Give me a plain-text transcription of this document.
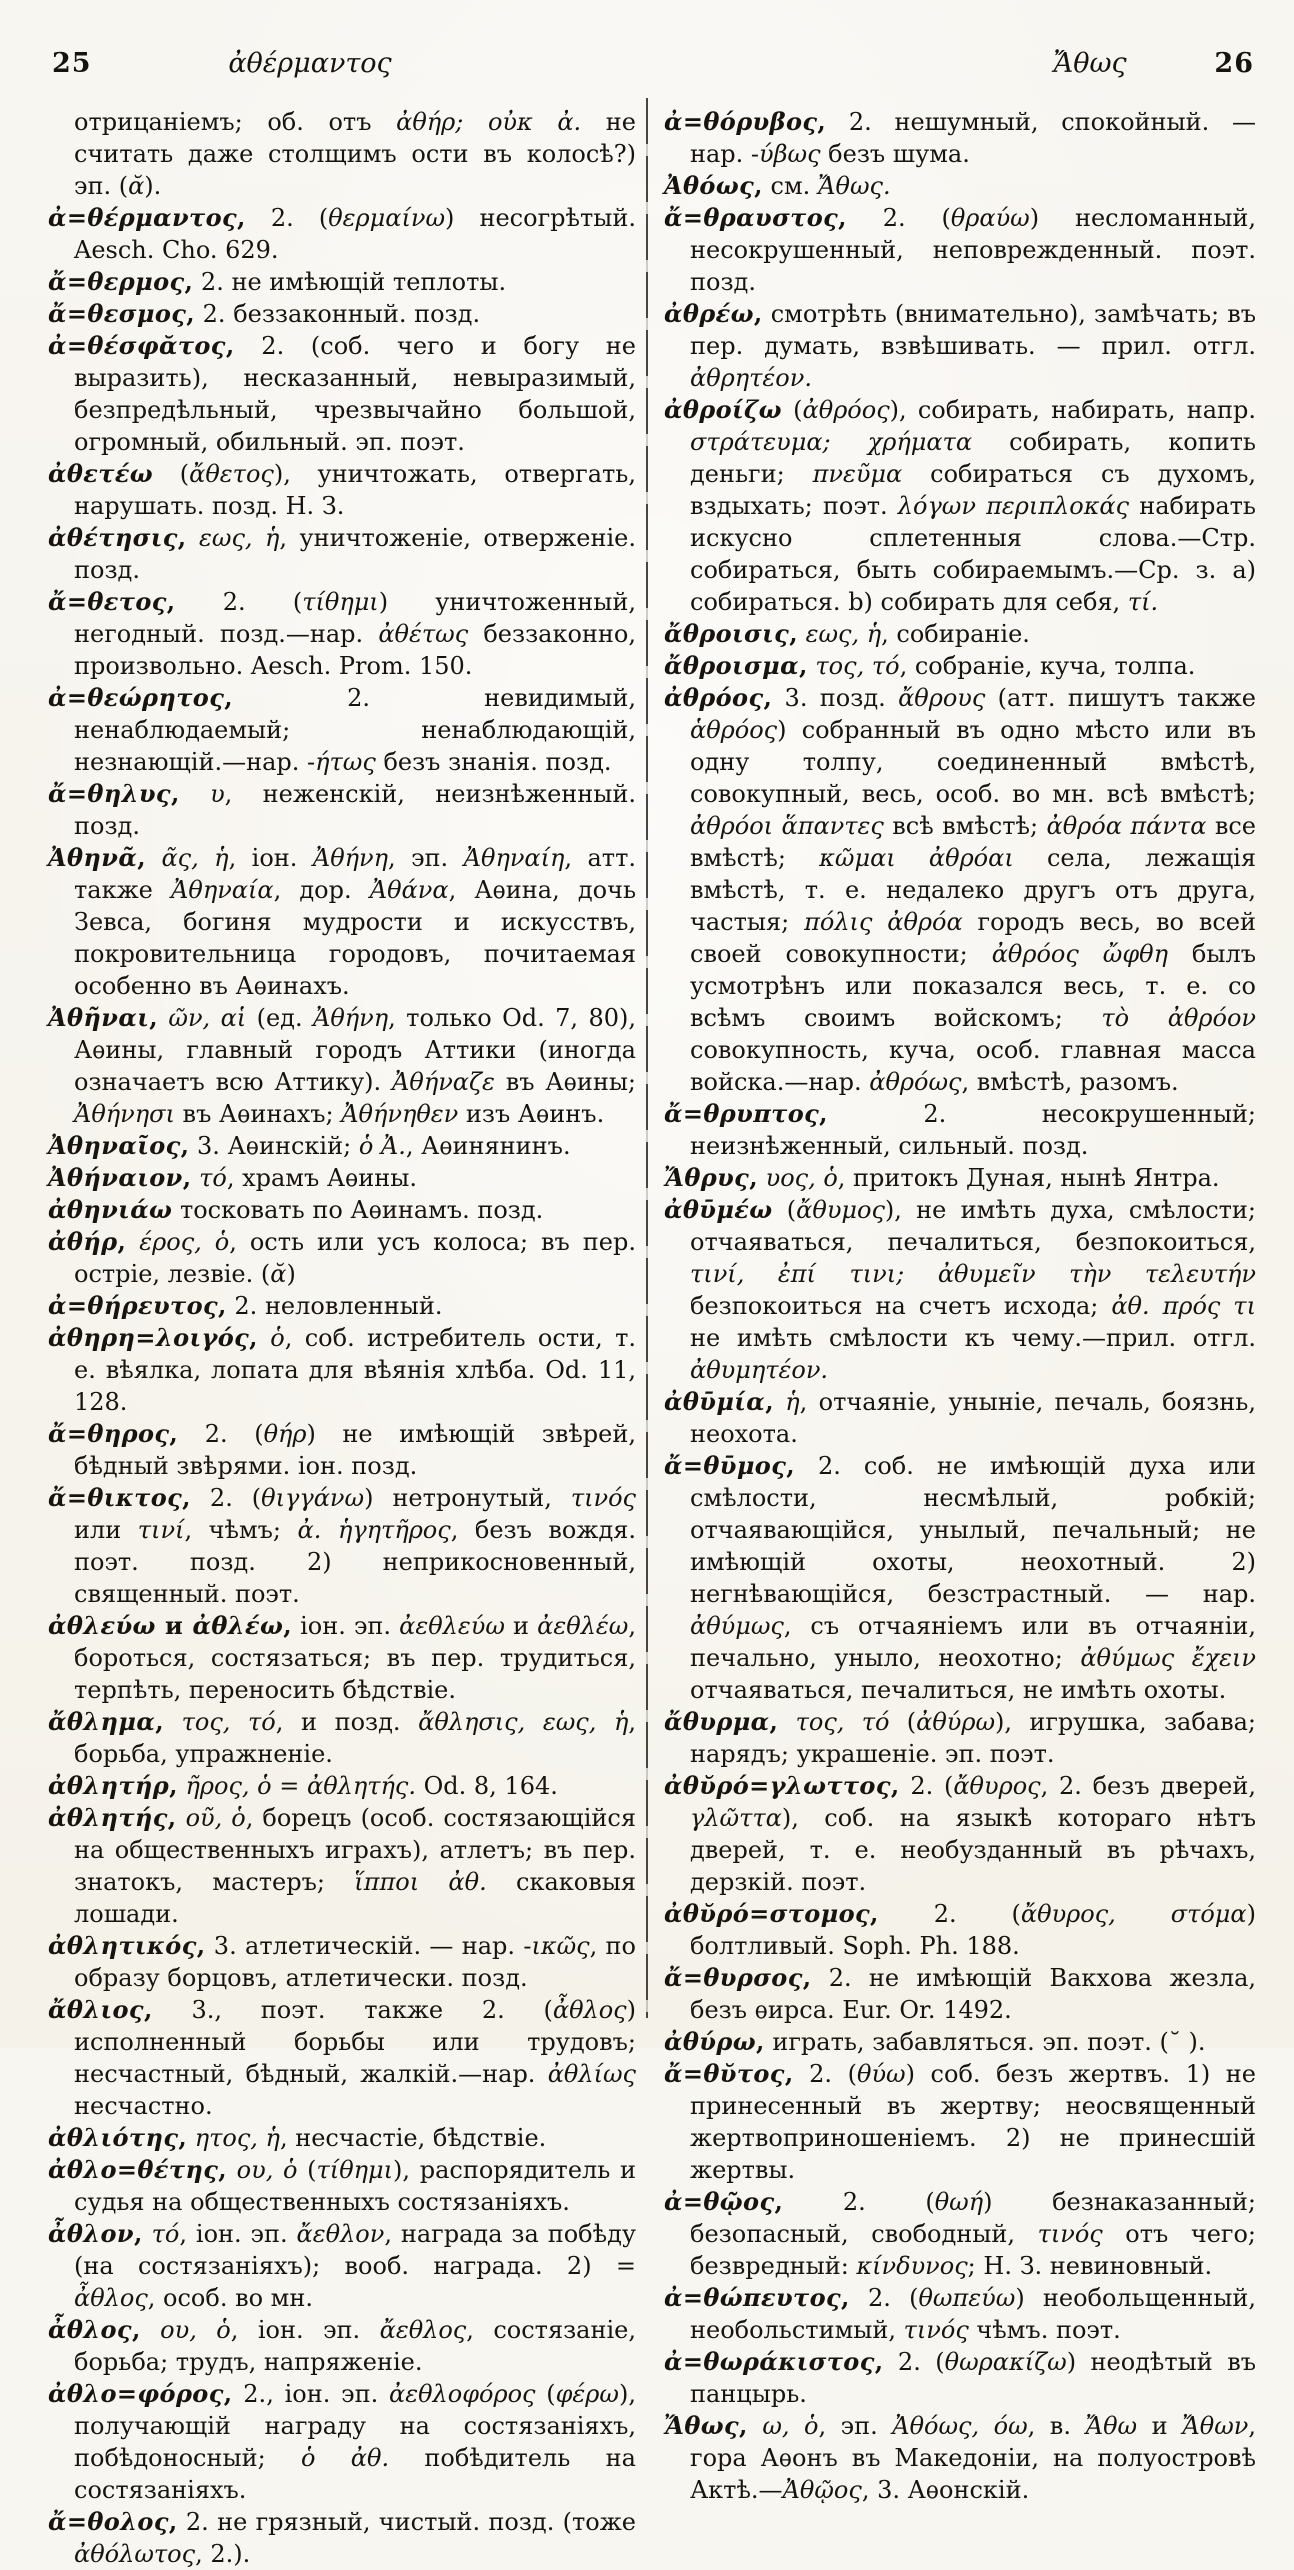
25	ἀθέρμαντος	Ἄθως	26

отрицаніемъ; об. отъ ἀθήρ; οὐκ ἀ. не считать даже столщимъ ости въ колосѣ?) эп. (ᾰ).

ἀ=θέρμαντος, 2. (θερμαίνω) несогрѣтый. Aesch. Cho. 629.

ἄ=θερμος, 2. не имѣющій теплоты.

ἄ=θεσμος, 2. беззаконный. позд.

ἀ=θέσφᾰτος, 2. (соб. чего и богу не выразить), несказанный, невыразимый, безпредѣльный, чрезвычайно большой, огромный, обильный. эп. поэт.

ἀθετέω (ἄθετος), уничтожать, отвергать, нарушать. позд. Н. З.

ἀθέτησις, εως, ἡ, уничтоженіе, отверженіе. позд.

ἄ=θετος, 2. (τίθημι) уничтоженный, негодный. позд.—нар. ἀθέτως беззаконно, произвольно. Aesch. Prom. 150.

ἀ=θεώρητος, 2. невидимый, ненаблюдаемый; ненаблюдающій, незнающій.—нар. -ήτως безъ знанія. позд.

ἄ=θηλυς, υ, неженскій, неизнѣженный. позд.

Ἀθηνᾶ, ᾶς, ἡ, іон. Ἀθήνη, эп. Ἀθηναίη, атт. также Ἀθηναία, дор. Ἀθάνα, Аѳина, дочь Зевса, богиня мудрости и искусствъ, покровительница городовъ, почитаемая особенно въ Аѳинахъ.

Ἀθῆναι, ῶν, αἱ (ед. Ἀθήνη, только Od. 7, 80), Аѳины, главный городъ Аттики (иногда означаетъ всю Аттику). Ἀθήναζε въ Аѳины; Ἀθήνησι въ Аѳинахъ; Ἀθήνηθεν изъ Аѳинъ.

Ἀθηναῖος, 3. Аѳинскій; ὁ Ἀ., Аѳинянинъ.

Ἀθήναιον, τό, храмъ Аѳины.

ἀθηνιάω тосковать по Аѳинамъ. позд.

ἀθήρ, έρος, ὁ, ость или усъ колоса; въ пер. остріе, лезвіе. (ᾰ)

ἀ=θήρευτος, 2. неловленный.

ἀθηρη=λοιγός, ὁ, соб. истребитель ости, т. е. вѣялка, лопата для вѣянія хлѣба. Od. 11, 128.

ἄ=θηρος, 2. (θήρ) не имѣющій звѣрей, бѣдный звѣрями. іон. позд.

ἄ=θικτος, 2. (θιγγάνω) нетронутый, τινός или τινί, чѣмъ; ἀ. ἡγητῆρος, безъ вождя. поэт. позд. 2) неприкосновенный, священный. поэт.

ἀθλεύω и ἀθλέω, іон. эп. ἀεθλεύω и ἀεθλέω, бороться, состязаться; въ пер. трудиться, терпѣть, переносить бѣдствіе.

ἄθλημα, τος, τό, и позд. ἄθλησις, εως, ἡ, борьба, упражненіе.

ἀθλητήρ, ῆρος, ὁ = ἀθλητής. Od. 8, 164.

ἀθλητής, οῦ, ὁ, борецъ (особ. состязающійся на общественныхъ играхъ), атлетъ; въ пер. знатокъ, мастеръ; ἵπποι ἀθ. скаковыя лошади.

ἀθλητικός, 3. атлетическій. — нар. -ικῶς, по образу борцовъ, атлетически. позд.

ἄθλιος, 3., поэт. также 2. (ἆθλος) исполненный борьбы или трудовъ; несчастный, бѣдный, жалкій.—нар. ἀθλίως несчастно.

ἀθλιότης, ητος, ἡ, несчастіе, бѣдствіе.

ἀθλο=θέτης, ου, ὁ (τίθημι), распорядитель и судья на общественныхъ состязаніяхъ.

ἆθλον, τό, іон. эп. ἄεθλον, награда за побѣду (на состязаніяхъ); вооб. награда. 2) = ἆθλος, особ. во мн.

ἆθλος, ου, ὁ, іон. эп. ἄεθλος, состязаніе, борьба; трудъ, напряженіе.

ἀθλο=φόρος, 2., іон. эп. ἀεθλοφόρος (φέρω), получающій награду на состязаніяхъ, побѣдоносный; ὁ ἀθ. побѣдитель на состязаніяхъ.

ἄ=θολος, 2. не грязный, чистый. позд. (тоже ἀθόλωτος, 2.).

ἀ=θόρυβος, 2. нешумный, спокойный. — нар. -ύβως безъ шума.

Ἀθόως, см. Ἄθως.

ἄ=θραυστος, 2. (θραύω) несломанный, несокрушенный, неповрежденный. поэт. позд.

ἀθρέω, смотрѣть (внимательно), замѣчать; въ пер. думать, взвѣшивать. — прил. отгл. ἀθρητέον.

ἀθροίζω (ἀθρόος), собирать, набирать, напр. στράτευμα; χρήματα собирать, копить деньги; πνεῦμα собираться съ духомъ, вздыхать; поэт. λόγων περιπλοκάς набирать искусно сплетенныя слова.—Стр. собираться, быть собираемымъ.—Ср. з. a) собираться. b) собирать для себя, τί.

ἄθροισις, εως, ἡ, собираніе.

ἄθροισμα, τος, τό, собраніе, куча, толпа.

ἀθρόος, 3. позд. ἄθρους (атт. пишутъ также ἁθρόος) собранный въ одно мѣсто или въ одну толпу, соединенный вмѣстѣ, совокупный, весь, особ. во мн. всѣ вмѣстѣ; ἀθρόοι ἅπαντες всѣ вмѣстѣ; ἀθρόα πάντα все вмѣстѣ; κῶμαι ἀθρόαι села, лежащія вмѣстѣ, т. е. недалеко другъ отъ друга, частыя; πόλις ἀθρόα городъ весь, во всей своей совокупности; ἀθρόος ὤφθη былъ усмотрѣнъ или показался весь, т. е. со всѣмъ своимъ войскомъ; τὸ ἀθρόον совокупность, куча, особ. главная масса войска.—нар. ἀθρόως, вмѣстѣ, разомъ.

ἄ=θρυπτος, 2. несокрушенный; неизнѣженный, сильный. позд.

Ἄθρυς, υος, ὁ, притокъ Дуная, нынѣ Янтра.

ἀθῡμέω (ἄθυμος), не имѣть духа, смѣлости; отчаяваться, печалиться, безпокоиться, τινί, ἐπί τινι; ἀθυμεῖν τὴν τελευτήν безпокоиться на счетъ исхода; ἀθ. πρός τι не имѣть смѣлости къ чему.—прил. отгл. ἀθυμητέον.

ἀθῡμία, ἡ, отчаяніе, уныніе, печаль, боязнь, неохота.

ἄ=θῡμος, 2. соб. не имѣющій духа или смѣлости, несмѣлый, робкій; отчаявающійся, унылый, печальный; не имѣющій охоты, неохотный. 2) негнѣвающійся, безстрастный. — нар. ἀθύμως, съ отчаяніемъ или въ отчаяніи, печально, уныло, неохотно; ἀθύμως ἔχειν отчаяваться, печалиться, не имѣть охоты.

ἄθυρμα, τος, τό (ἀθύρω), игрушка, забава; нарядъ; украшеніе. эп. поэт.

ἀθῠρό=γλωττος, 2. (ἄθυρος, 2. безъ дверей, γλῶττα), соб. на языкѣ котораго нѣтъ дверей, т. е. необузданный въ рѣчахъ, дерзкій. поэт.

ἀθῠρό=στομος, 2. (ἄθυρος, στόμα) болтливый. Soph. Ph. 188.

ἄ=θυρσος, 2. не имѣющій Вакхова жезла, безъ ѳирса. Eur. Or. 1492.

ἀθύρω, играть, забавляться. эп. поэт. (˘ ).

ἄ=θῠτος, 2. (θύω) соб. безъ жертвъ. 1) не принесенный въ жертву; неосвященный жертвоприношеніемъ. 2) не принесшій жертвы.

ἀ=θῷος, 2. (θωή) безнаказанный; безопасный, свободный, τινός отъ чего; безвредный: κίνδυνος; Н. З. невиновный.

ἀ=θώπευτος, 2. (θωπεύω) необольщенный, необольстимый, τινός чѣмъ. поэт.

ἀ=θωράκιστος, 2. (θωρακίζω) неодѣтый въ панцырь.

Ἄθως, ω, ὁ, эп. Ἀθόως, όω, в. Ἄθω и Ἄθων, гора Аѳонъ въ Македоніи, на полуостровѣ Актѣ.—Ἀθῷος, 3. Аѳонскій.
